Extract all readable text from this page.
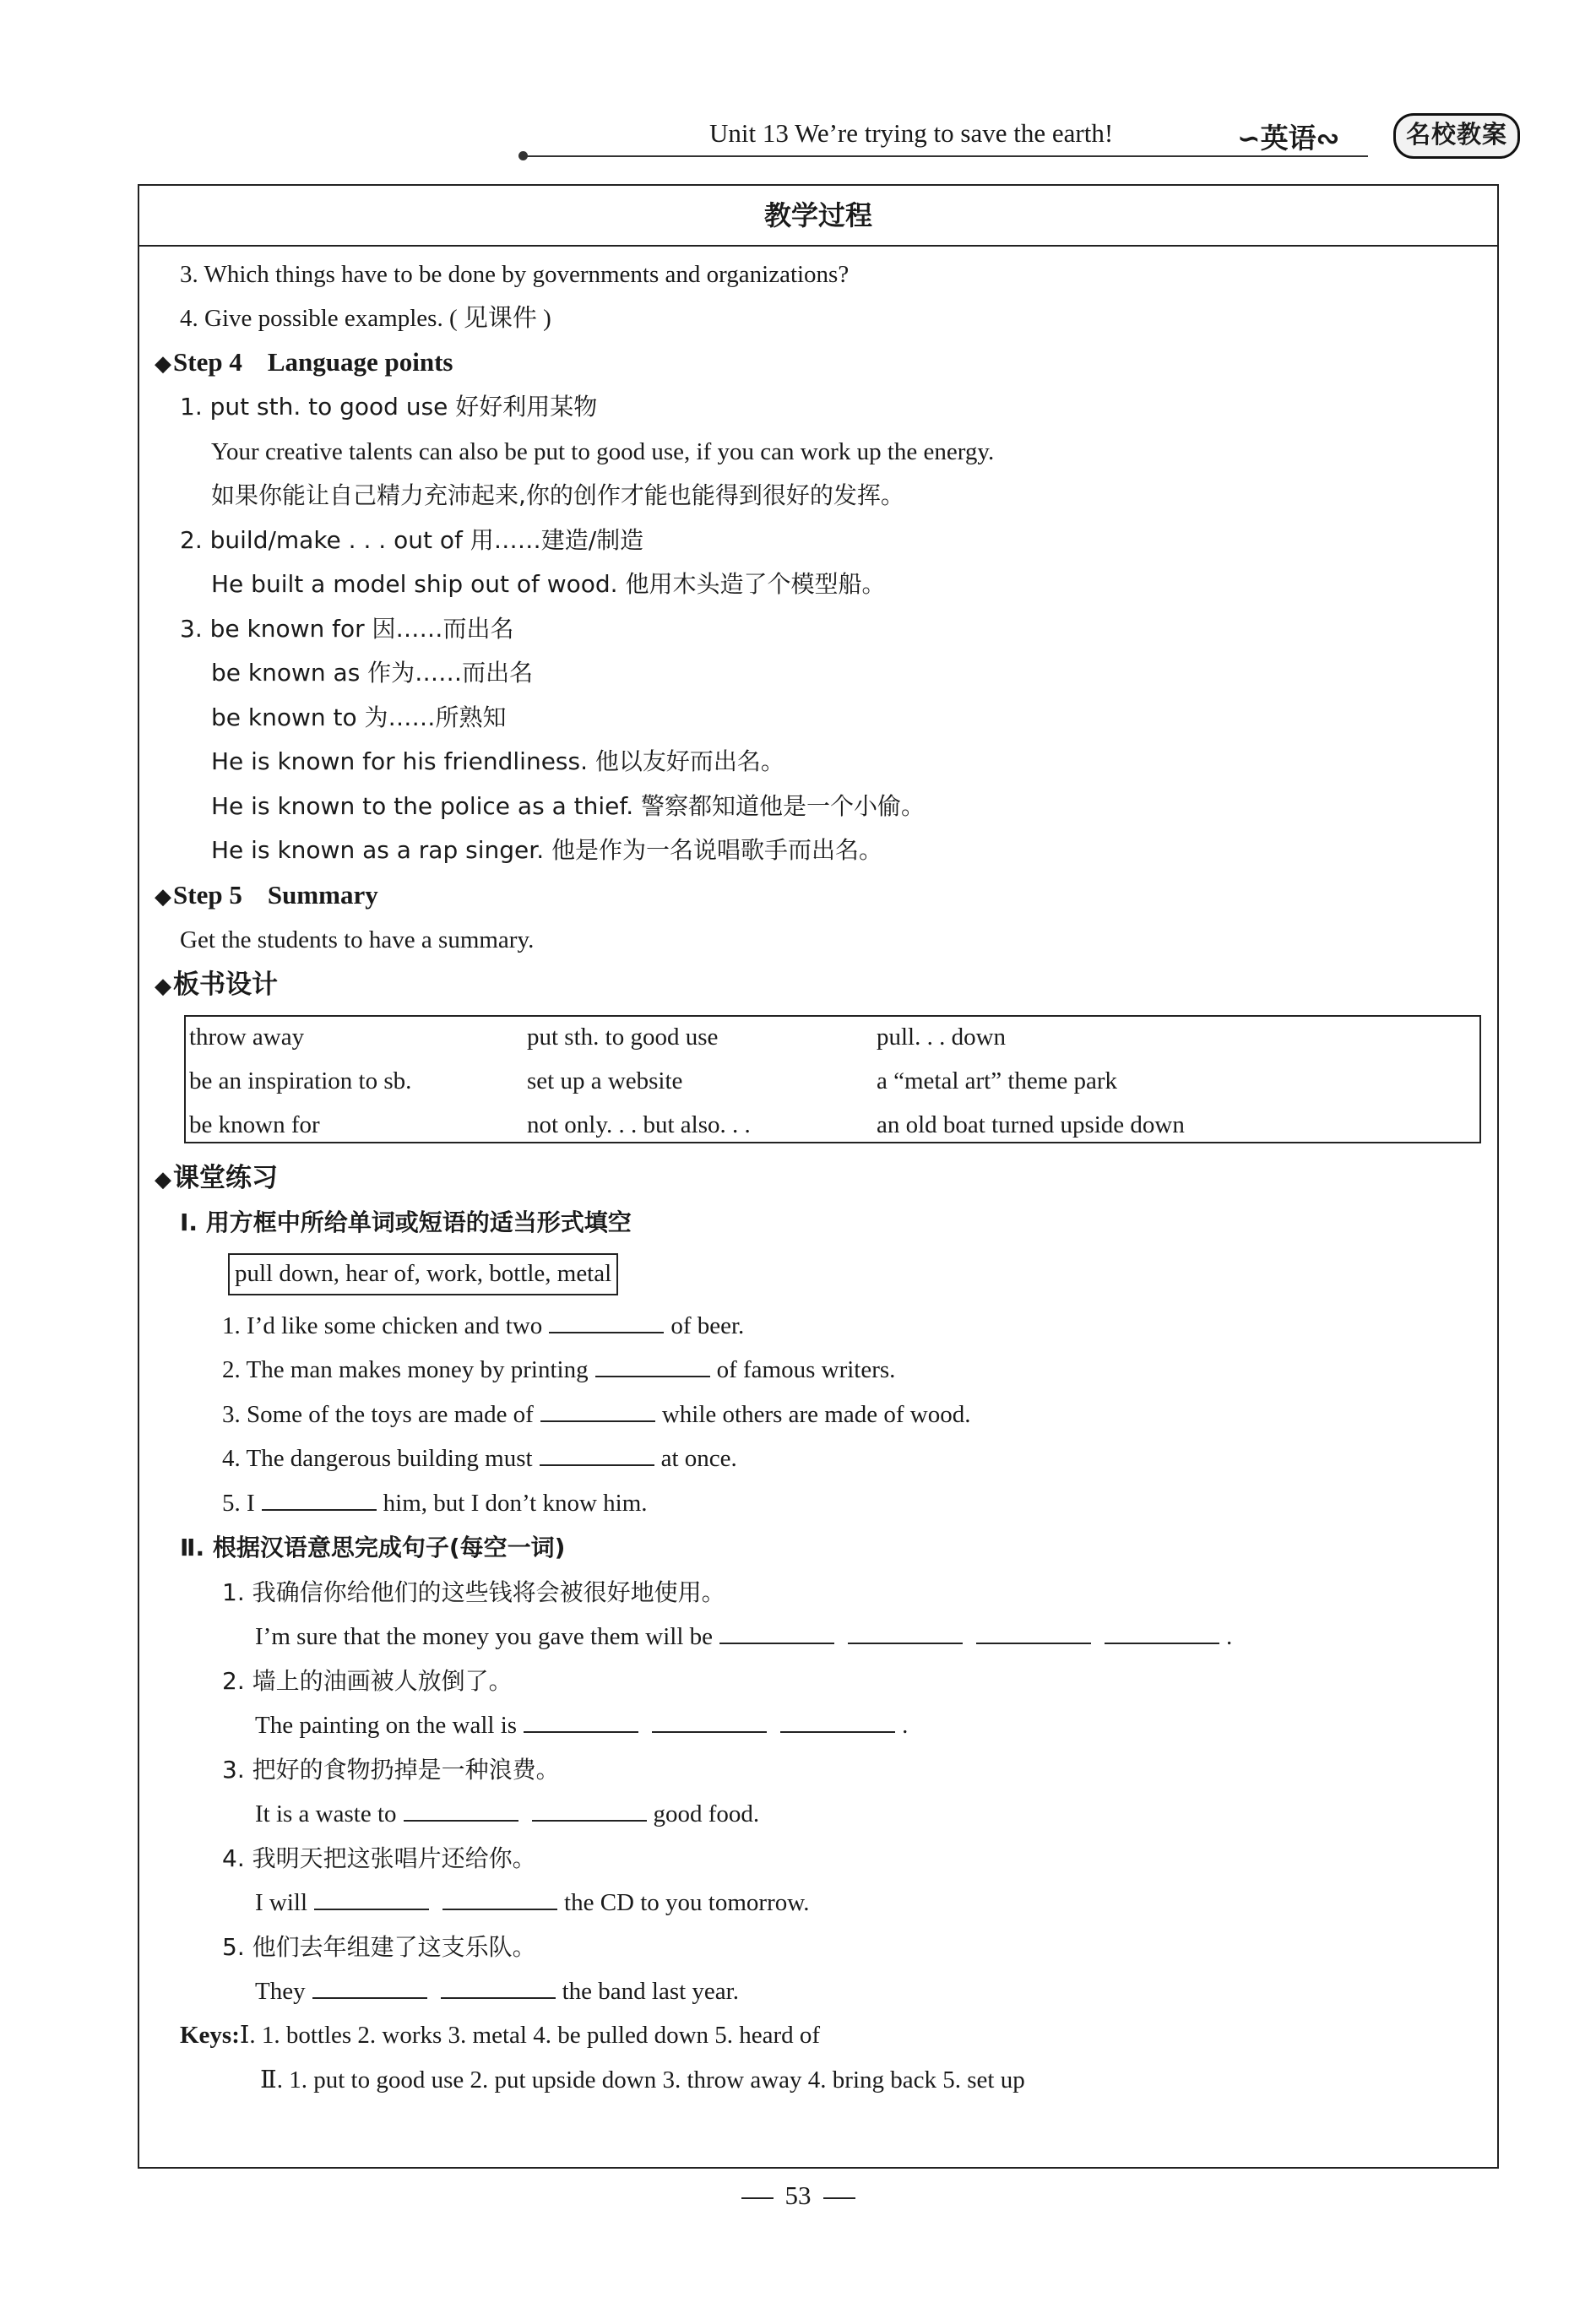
Unit 13 We’re trying to save the earth!	∽英语∾	名校教案
教学过程
3. Which things have to be done by governments and organizations?
4. Give possible examples. ( 见课件 )
◆Step 4 Language points
1. put sth. to good use 好好利用某物
Your creative talents can also be put to good use, if you can work up the energy.
如果你能让自己精力充沛起来,你的创作才能也能得到很好的发挥。
2. build/make . . . out of 用……建造/制造
He built a model ship out of wood. 他用木头造了个模型船。
3. be known for 因……而出名
be known as 作为……而出名
be known to 为……所熟知
He is known for his friendliness. 他以友好而出名。
He is known to the police as a thief. 警察都知道他是一个小偷。
He is known as a rap singer. 他是作为一名说唱歌手而出名。
◆Step 5 Summary
Get the students to have a summary.
◆板书设计
throw away	put sth. to good use	pull. . . down
be an inspiration to sb.	set up a website	a “metal art” theme park
be known for	not only. . . but also. . .	an old boat turned upside down
◆课堂练习
Ⅰ. 用方框中所给单词或短语的适当形式填空
pull down, hear of, work, bottle, metal
1. I’d like some chicken and two	of beer.
2. The man makes money by printing	of famous writers.
3. Some of the toys are made of	while others are made of wood.
4. The dangerous building must	at once.
5. I	him, but I don’t know him.
Ⅱ. 根据汉语意思完成句子(每空一词)
1. 我确信你给他们的这些钱将会被很好地使用。
I’m sure that the money you gave them will be	.
2. 墙上的油画被人放倒了。
The painting on the wall is	.
3. 把好的食物扔掉是一种浪费。
It is a waste to	good food.
4. 我明天把这张唱片还给你。
I will	the CD to you tomorrow.
5. 他们去年组建了这支乐队。
They	the band last year.
Keys:Ⅰ. 1. bottles 2. works 3. metal 4. be pulled down 5. heard of
Ⅱ. 1. put to good use 2. put upside down 3. throw away 4. bring back 5. set up
53
